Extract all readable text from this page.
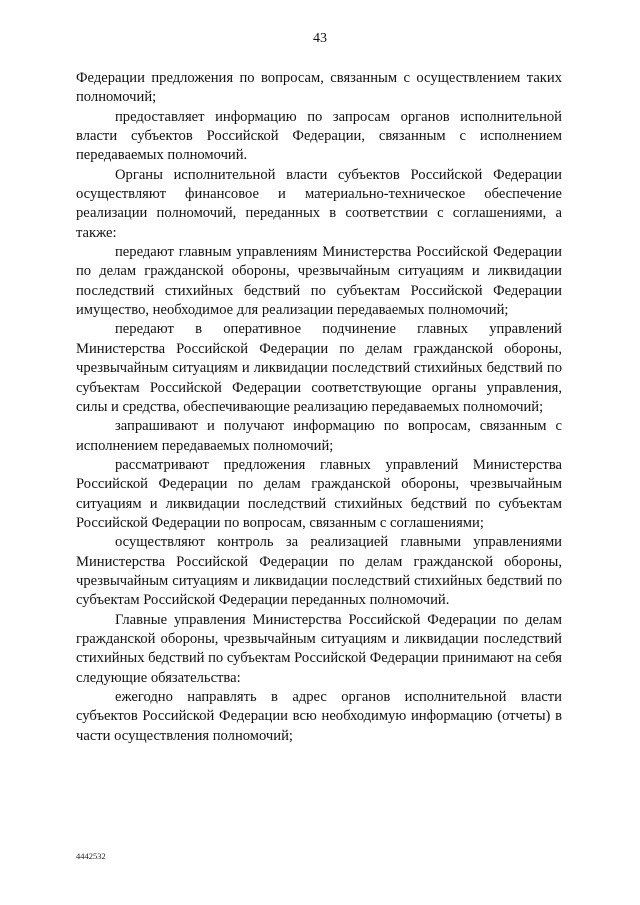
43

Федерации предложения по вопросам, связанным с осуществлением таких полномочий;

предоставляет информацию по запросам органов исполнительной власти субъектов Российской Федерации, связанным с исполнением передаваемых полномочий.

Органы исполнительной власти субъектов Российской Федерации осуществляют финансовое и материально-техническое обеспечение реализации полномочий, переданных в соответствии с соглашениями, а также:

передают главным управлениям Министерства Российской Федерации по делам гражданской обороны, чрезвычайным ситуациям и ликвидации последствий стихийных бедствий по субъектам Российской Федерации имущество, необходимое для реализации передаваемых полномочий;

передают в оперативное подчинение главных управлений Министерства Российской Федерации по делам гражданской обороны, чрезвычайным ситуациям и ликвидации последствий стихийных бедствий по субъектам Российской Федерации соответствующие органы управления, силы и средства, обеспечивающие реализацию передаваемых полномочий;

запрашивают и получают информацию по вопросам, связанным с исполнением передаваемых полномочий;

рассматривают предложения главных управлений Министерства Российской Федерации по делам гражданской обороны, чрезвычайным ситуациям и ликвидации последствий стихийных бедствий по субъектам Российской Федерации по вопросам, связанным с соглашениями;

осуществляют контроль за реализацией главными управлениями Министерства Российской Федерации по делам гражданской обороны, чрезвычайным ситуациям и ликвидации последствий стихийных бедствий по субъектам Российской Федерации переданных полномочий.

Главные управления Министерства Российской Федерации по делам гражданской обороны, чрезвычайным ситуациям и ликвидации последствий стихийных бедствий по субъектам Российской Федерации принимают на себя следующие обязательства:

ежегодно направлять в адрес органов исполнительной власти субъектов Российской Федерации всю необходимую информацию (отчеты) в части осуществления полномочий;

4442532
